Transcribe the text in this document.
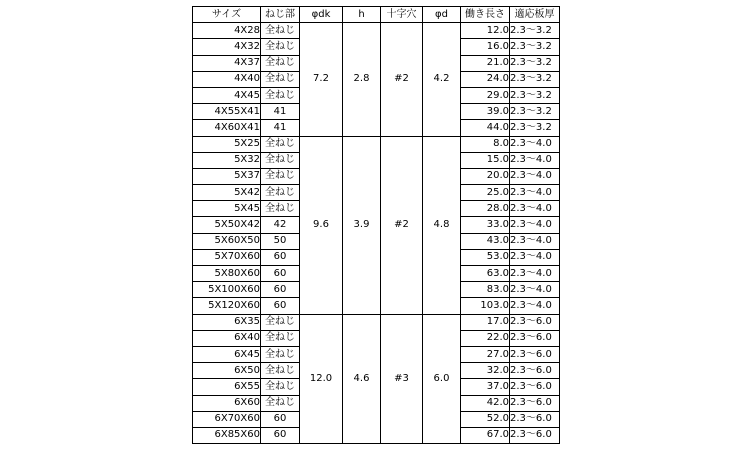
サイズ	ねじ部	φdk	h	十字穴	φd	働き長さ	適応板厚
4X28	全ねじ	7.2	2.8	#2	4.2	12.0	2.3～3.2
4X32	全ねじ					16.0	2.3～3.2
4X37	全ねじ					21.0	2.3～3.2
4X40	全ねじ					24.0	2.3～3.2
4X45	全ねじ					29.0	2.3～3.2
4X55X41	41					39.0	2.3～3.2
4X60X41	41					44.0	2.3～3.2
5X25	全ねじ	9.6	3.9	#2	4.8	8.0	2.3～4.0
5X32	全ねじ					15.0	2.3～4.0
5X37	全ねじ					20.0	2.3～4.0
5X42	全ねじ					25.0	2.3～4.0
5X45	全ねじ					28.0	2.3～4.0
5X50X42	42					33.0	2.3～4.0
5X60X50	50					43.0	2.3～4.0
5X70X60	60					53.0	2.3～4.0
5X80X60	60					63.0	2.3～4.0
5X100X60	60					83.0	2.3～4.0
5X120X60	60					103.0	2.3～4.0
6X35	全ねじ	12.0	4.6	#3	6.0	17.0	2.3～6.0
6X40	全ねじ					22.0	2.3～6.0
6X45	全ねじ					27.0	2.3～6.0
6X50	全ねじ					32.0	2.3～6.0
6X55	全ねじ					37.0	2.3～6.0
6X60	全ねじ					42.0	2.3～6.0
6X70X60	60					52.0	2.3～6.0
6X85X60	60					67.0	2.3～6.0
